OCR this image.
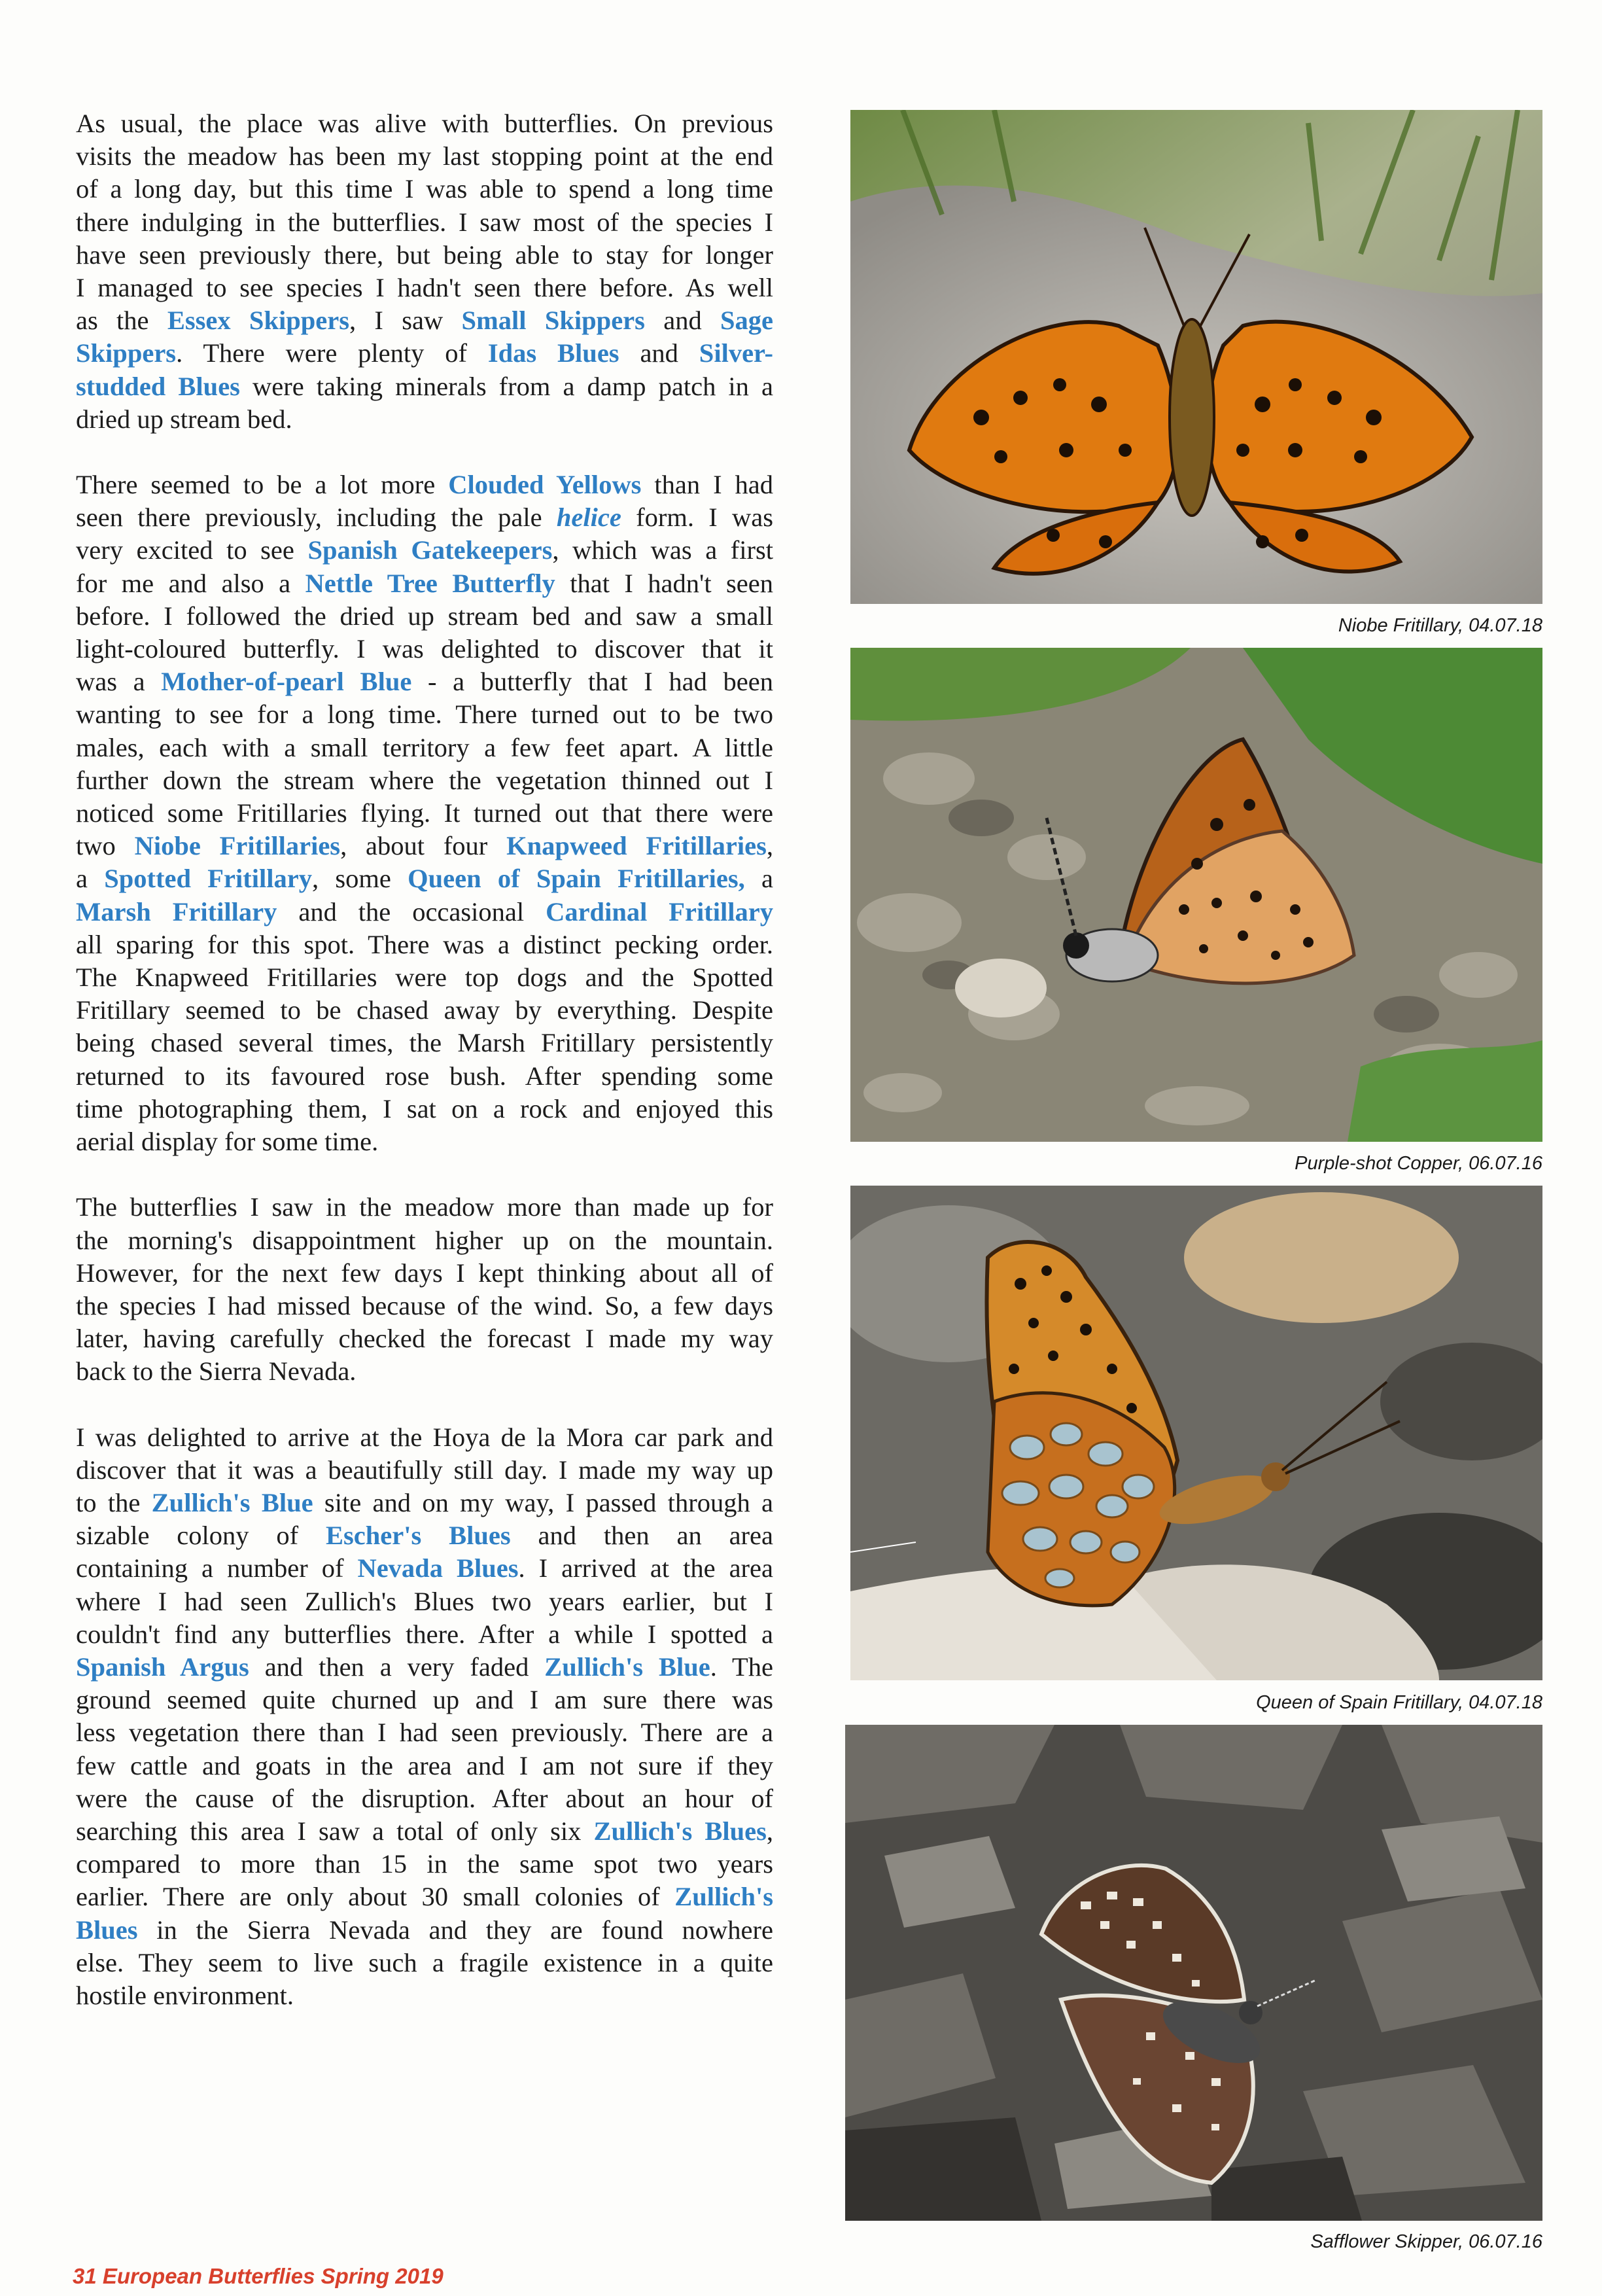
As usual, the place was alive with butterflies. On previous
visits the meadow has been my last stopping point at the end
of a long day, but this time I was able to spend a long time
there indulging in the butterflies. I saw most of the species I
have seen previously there, but being able to stay for longer
I managed to see species I hadn't seen there before. As well
as the Essex Skippers, I saw Small Skippers and Sage
Skippers. There were plenty of Idas Blues and Silver-
studded Blues were taking minerals from a damp patch in a
dried up stream bed.

There seemed to be a lot more Clouded Yellows than I had
seen there previously, including the pale helice form. I was
very excited to see Spanish Gatekeepers, which was a first
for me and also a Nettle Tree Butterfly that I hadn't seen
before. I followed the dried up stream bed and saw a small
light-coloured butterfly. I was delighted to discover that it
was a Mother-of-pearl Blue - a butterfly that I had been
wanting to see for a long time. There turned out to be two
males, each with a small territory a few feet apart. A little
further down the stream where the vegetation thinned out I
noticed some Fritillaries flying. It turned out that there were
two Niobe Fritillaries, about four Knapweed Fritillaries,
a Spotted Fritillary, some Queen of Spain Fritillaries, a
Marsh Fritillary and the occasional Cardinal Fritillary
all sparing for this spot. There was a distinct pecking order.
The Knapweed Fritillaries were top dogs and the Spotted
Fritillary seemed to be chased away by everything. Despite
being chased several times, the Marsh Fritillary persistently
returned to its favoured rose bush. After spending some
time photographing them, I sat on a rock and enjoyed this
aerial display for some time.

The butterflies I saw in the meadow more than made up for
the morning's disappointment higher up on the mountain.
However, for the next few days I kept thinking about all of
the species I had missed because of the wind. So, a few days
later, having carefully checked the forecast I made my way
back to the Sierra Nevada.

I was delighted to arrive at the Hoya de la Mora car park and
discover that it was a beautifully still day. I made my way up
to the Zullich's Blue site and on my way, I passed through a
sizable colony of Escher's Blues and then an area
containing a number of Nevada Blues. I arrived at the area
where I had seen Zullich's Blues two years earlier, but I
couldn't find any butterflies there. After a while I spotted a
Spanish Argus and then a very faded Zullich's Blue. The
ground seemed quite churned up and I am sure there was
less vegetation there than I had seen previously. There are a
few cattle and goats in the area and I am not sure if they
were the cause of the disruption. After about an hour of
searching this area I saw a total of only six Zullich's Blues,
compared to more than 15 in the same spot two years
earlier. There are only about 30 small colonies of Zullich's
Blues in the Sierra Nevada and they are found nowhere
else. They seem to live such a fragile existence in a quite
hostile environment.

Niobe Fritillary, 04.07.18
Purple-shot Copper, 06.07.16
Queen of Spain Fritillary, 04.07.18
Safflower Skipper, 06.07.16
31 European Butterflies Spring 2019
